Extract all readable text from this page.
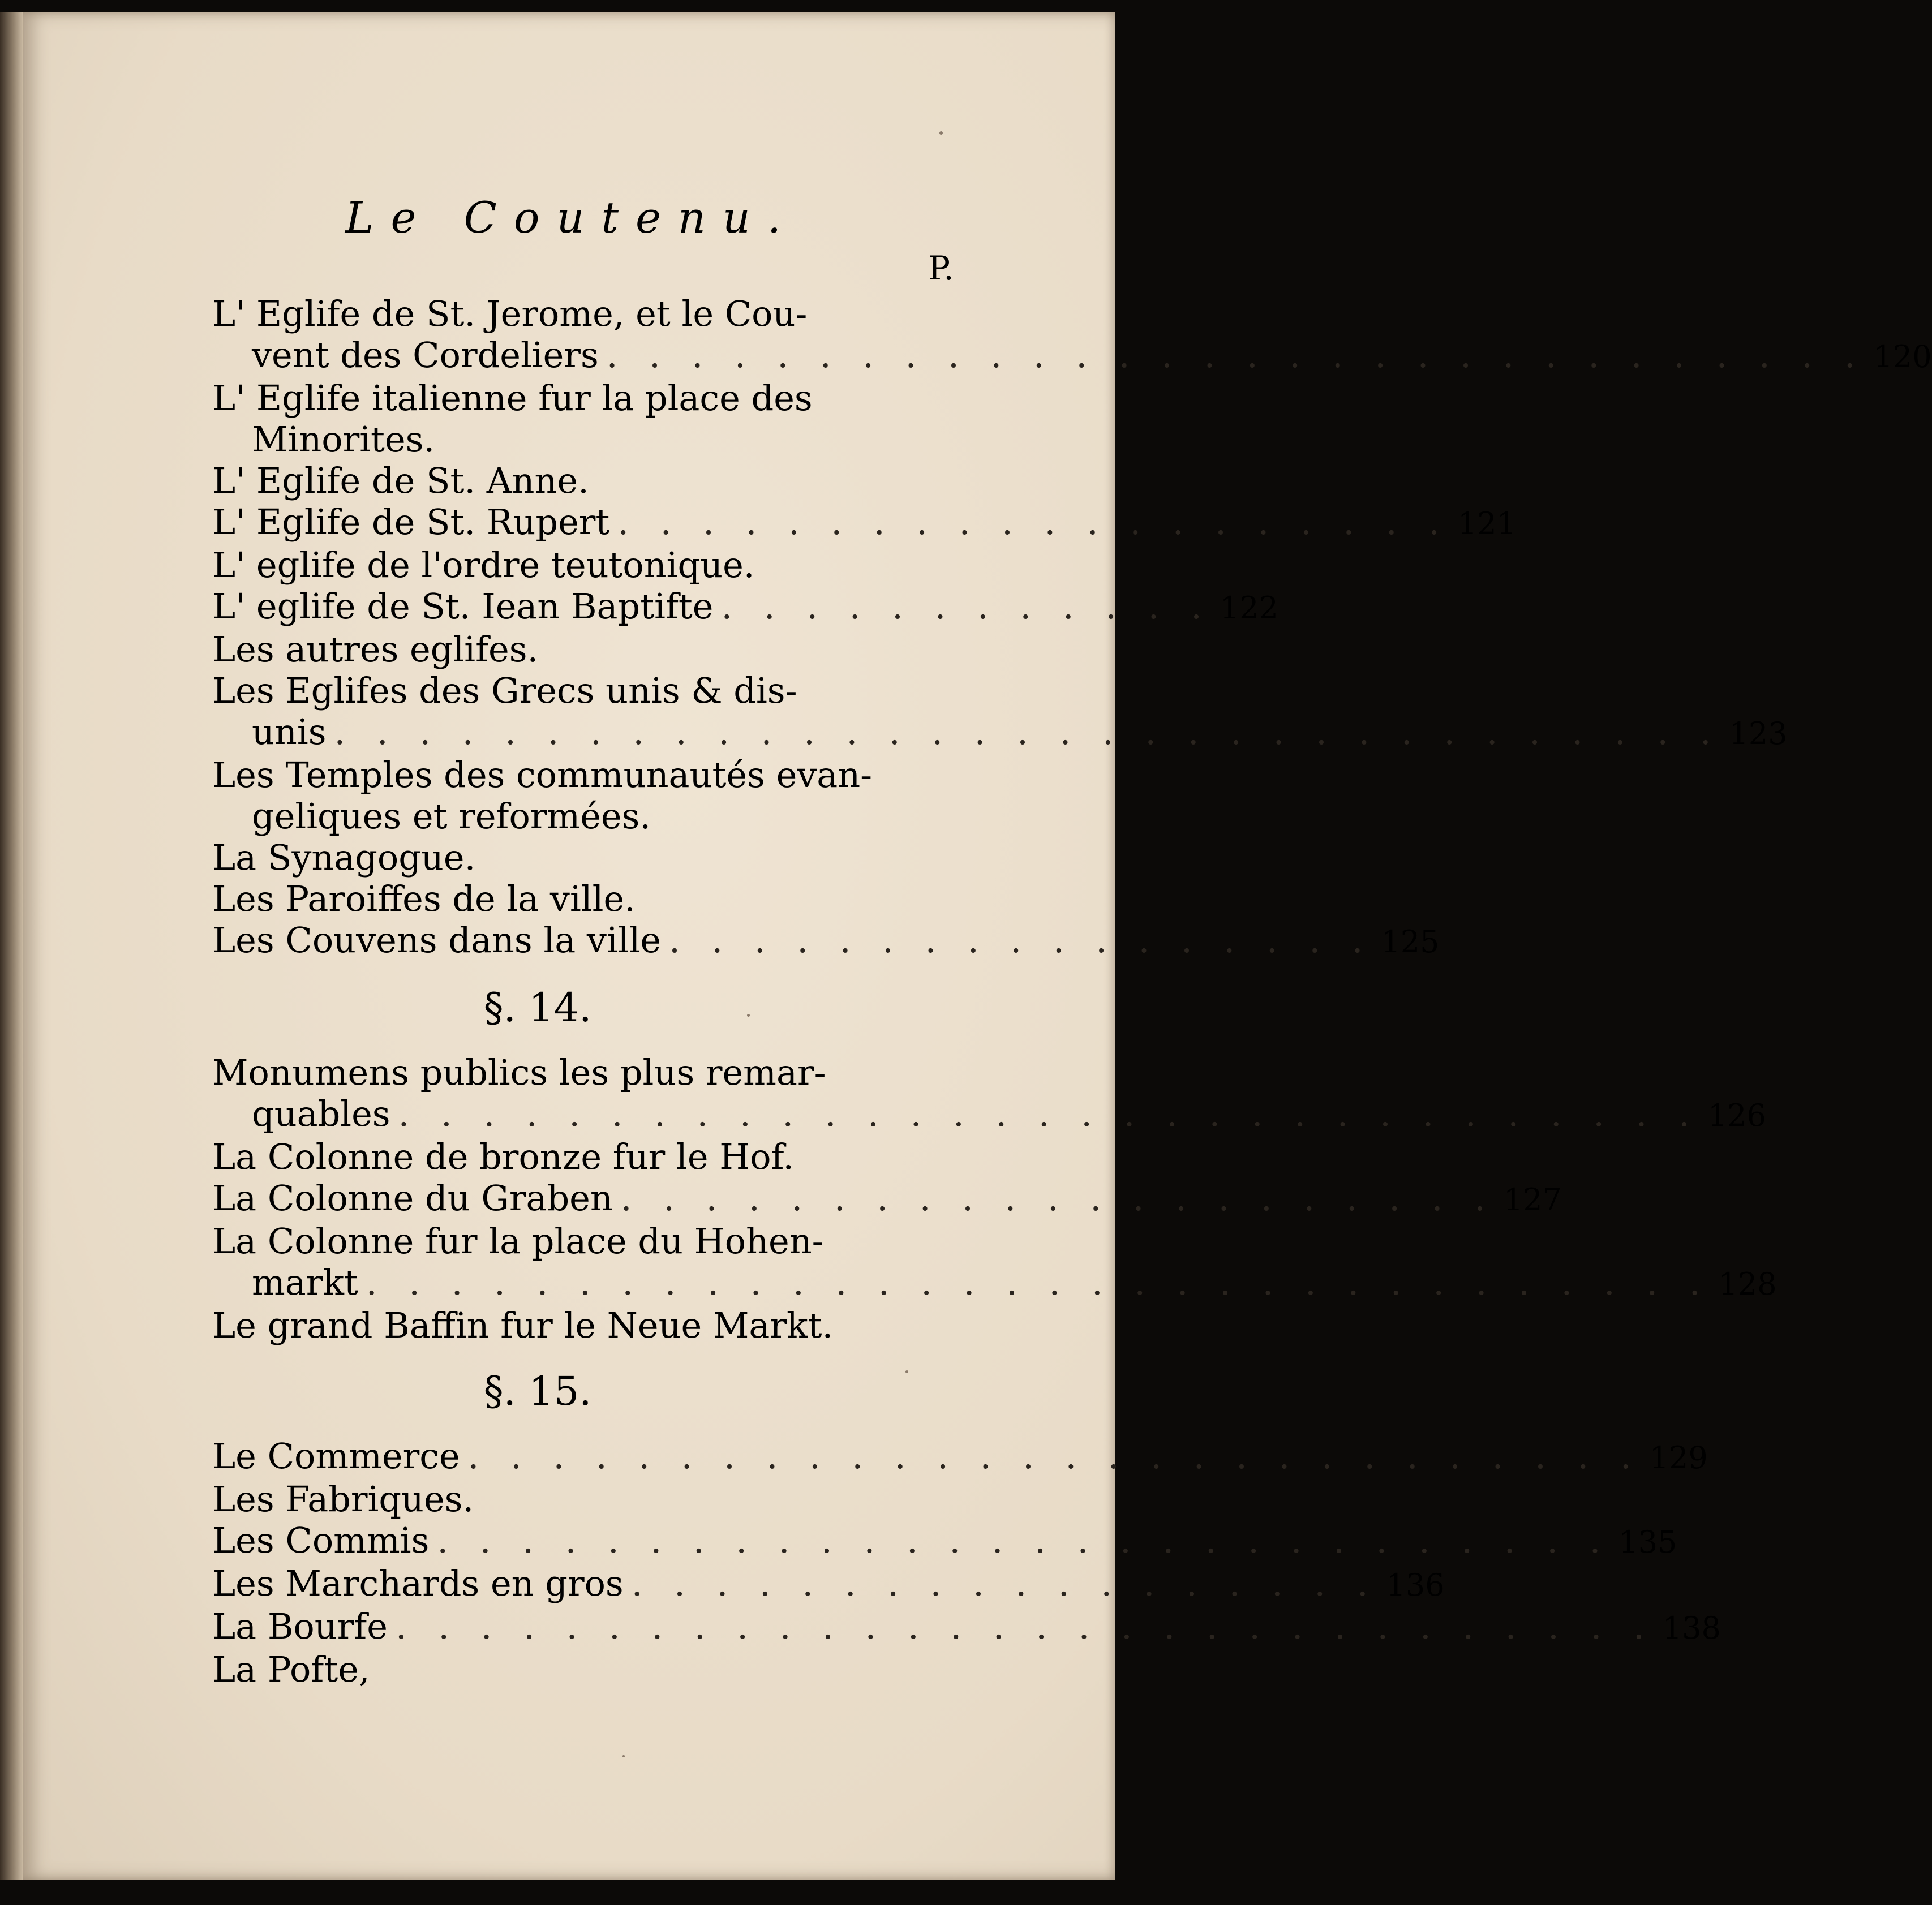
Le Coutenu.
P.
L' Eglife de St. Jerome, et le Cou-
vent des Cordeliers . . . . . . . . . . . . . . . . . . . . . . . . . . . . . . 120
L' Eglife italienne fur la place des
Minorites.
L' Eglife de St. Anne.
L' Eglife de St. Rupert . . . . . . . . . . . . . . . . . . . . 121
L' eglife de l'ordre teutonique.
L' eglife de St. Iean Baptifte . . . . . . . . . . . . 122
Les autres eglifes.
Les Eglifes des Grecs unis & dis-
unis . . . . . . . . . . . . . . . . . . . . . . . . . . . . . . . . . 123
Les Temples des communautés evan-
geliques et reformées.
La Synagogue.
Les Paroiffes de la ville.
Les Couvens dans la ville . . . . . . . . . . . . . . . . . 125
§. 14.
Monumens publics les plus remar-
quables . . . . . . . . . . . . . . . . . . . . . . . . . . . . . . . 126
La Colonne de bronze fur le Hof.
La Colonne du Graben . . . . . . . . . . . . . . . . . . . . . 127
La Colonne fur la place du Hohen-
markt . . . . . . . . . . . . . . . . . . . . . . . . . . . . . . . . 128
Le grand Baffin fur le Neue Markt.
§. 15.
Le Commerce . . . . . . . . . . . . . . . . . . . . . . . . . . . . 129
Les Fabriques.
Les Commis . . . . . . . . . . . . . . . . . . . . . . . . . . . . 135
Les Marchards en gros . . . . . . . . . . . . . . . . . . 136
La Bourfe . . . . . . . . . . . . . . . . . . . . . . . . . . . . . . 138
La Pofte,
